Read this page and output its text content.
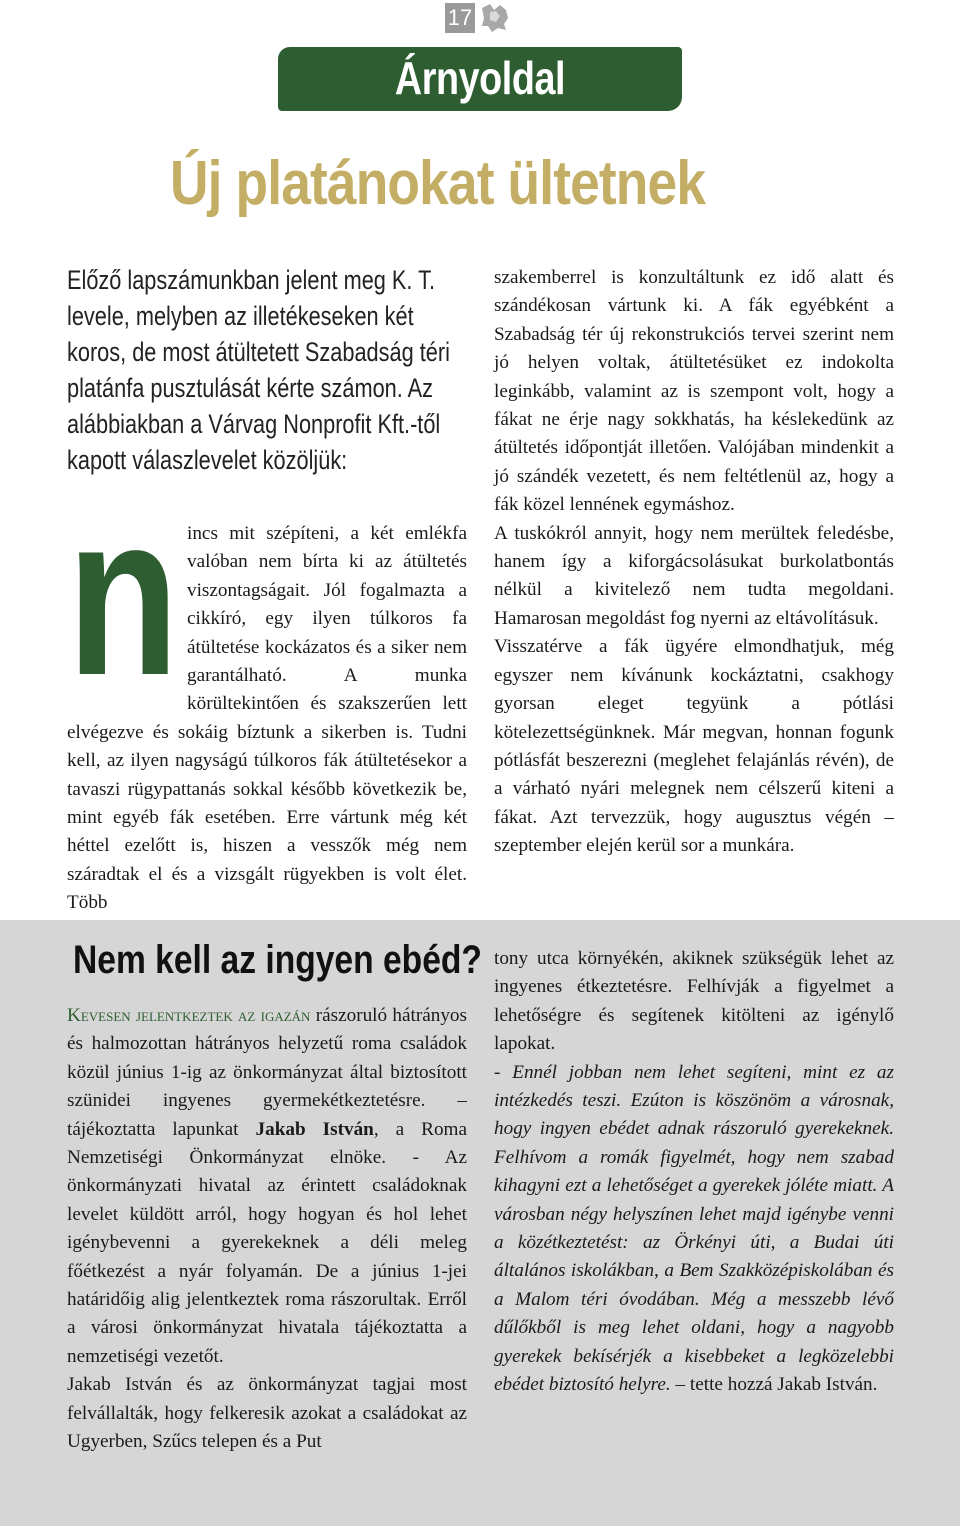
17
Árnyoldal
Új platánokat ültetnek
Előző lapszámunkban jelent meg K. T. levele, melyben az illetékeseken két koros, de most átültetett Szabadság téri platánfa pusztulását kérte számon. Az alábbiakban a Várvag Nonprofit Kft.-től kapott válaszlevelet közöljük:
n incs mit szépíteni, a két emlékfa valóban nem bírta ki az átültetés viszontagságait. Jól fogalmazta a cikkíró, egy ilyen túlkoros fa átültetése kockázatos és a siker nem garantálható. A munka körültekintően és szakszerűen lett elvégezve és sokáig bíztunk a sikerben is. Tudni kell, az ilyen nagyságú túlkoros fák átültetésekor a tavaszi rügypattanás sokkal később következik be, mint egyéb fák esetében. Erre vártunk még két héttel ezelőtt is, hiszen a vesszők még nem száradtak el és a vizsgált rügyekben is volt élet. Több

szakemberrel is konzultáltunk ez idő alatt és szándékosan vártunk ki. A fák egyébként a Szabadság tér új rekonstrukciós tervei szerint nem jó helyen voltak, átültetésüket ez indokolta leginkább, valamint az is szempont volt, hogy a fákat ne érje nagy sokkhatás, ha késlekedünk az átültetés időpontját illetően. Valójában mindenkit a jó szándék vezetett, és nem feltétlenül az, hogy a fák közel lennének egymáshoz.

A tuskókról annyit, hogy nem merültek feledésbe, hanem így a kiforgácsolásukat burkolatbontás nélkül a kivitelező nem tudta megoldani. Hamarosan megoldást fog nyerni az eltávolításuk.

Visszatérve a fák ügyére elmondhatjuk, még egyszer nem kívánunk kockáztatni, csakhogy gyorsan eleget tegyünk a pótlási kötelezettségünknek. Már megvan, honnan fogunk pótlásfát beszerezni (meglehet felajánlás révén), de a várható nyári melegnek nem célszerű kiteni a fákat. Azt tervezzük, hogy augusztus végén – szeptember elején kerül sor a munkára.

Nem kell az ingyen ebéd?

Kevesen jelentkeztek az igazán rászoruló hátrányos és halmozottan hátrányos helyzetű roma családok közül június 1-ig az önkormányzat által biztosított szünidei ingyenes gyermekétkeztetésre. – tájékoztatta lapunkat Jakab István, a Roma Nemzetiségi Önkormányzat elnöke. - Az önkormányzati hivatal az érintett családoknak levelet küldött arról, hogy hogyan és hol lehet igénybevenni a gyerekeknek a déli meleg főétkezést a nyár folyamán. De a június 1-jei határidőig alig jelentkeztek roma rászorultak. Erről a városi önkormányzat hivatala tájékoztatta a nemzetiségi vezetőt.

Jakab István és az önkormányzat tagjai most felvállalták, hogy felkeresik azokat a családokat az Ugyerben, Szűcs telepen és a Put

tony utca környékén, akiknek szükségük lehet az ingyenes étkeztetésre. Felhívják a figyelmet a lehetőségre és segítenek kitölteni az igénylő lapokat.

- Ennél jobban nem lehet segíteni, mint ez az intézkedés teszi. Ezúton is köszönöm a városnak, hogy ingyen ebédet adnak rászoruló gyerekeknek. Felhívom a romák figyelmét, hogy nem szabad kihagyni ezt a lehetőséget a gyerekek jóléte miatt. A városban négy helyszínen lehet majd igénybe venni a közétkeztetést: az Örkényi úti, a Budai úti általános iskolákban, a Bem Szakközépiskolában és a Malom téri óvodában. Még a messzebb lévő dűlőkből is meg lehet oldani, hogy a nagyobb gyerekek bekísérjék a kisebbeket a legközelebbi ebédet biztosító helyre. – tette hozzá Jakab István.
